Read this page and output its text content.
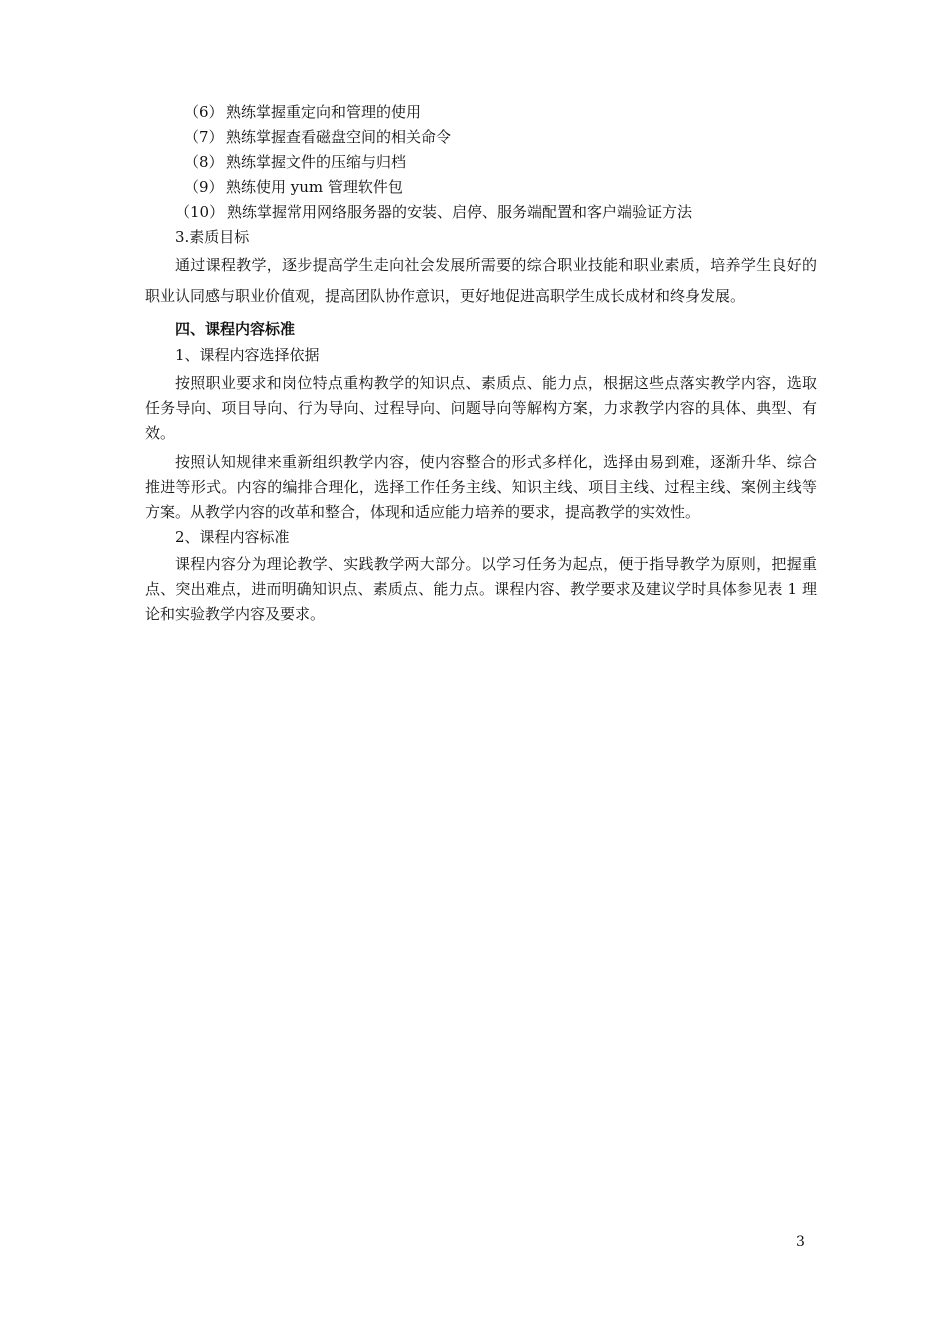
（6） 熟练掌握重定向和管理的使用
（7） 熟练掌握查看磁盘空间的相关命令
（8） 熟练掌握文件的压缩与归档
（9） 熟练使用 yum 管理软件包
（10） 熟练掌握常用网络服务器的安装、启停、服务端配置和客户端验证方法
3.素质目标

通过课程教学，逐步提高学生走向社会发展所需要的综合职业技能和职业素质，培养学生良好的职业认同感与职业价值观，提高团队协作意识，更好地促进高职学生成长成材和终身发展。

四、课程内容标准
1、课程内容选择依据

按照职业要求和岗位特点重构教学的知识点、素质点、能力点，根据这些点落实教学内容，选取任务导向、项目导向、行为导向、过程导向、问题导向等解构方案，力求教学内容的具体、典型、有效。

按照认知规律来重新组织教学内容，使内容整合的形式多样化，选择由易到难，逐渐升华、综合推进等形式。内容的编排合理化，选择工作任务主线、知识主线、项目主线、过程主线、案例主线等方案。从教学内容的改革和整合，体现和适应能力培养的要求，提高教学的实效性。

2、课程内容标准

课程内容分为理论教学、实践教学两大部分。以学习任务为起点，便于指导教学为原则，把握重点、突出难点，进而明确知识点、素质点、能力点。课程内容、教学要求及建议学时具体参见表 1 理论和实验教学内容及要求。

3
